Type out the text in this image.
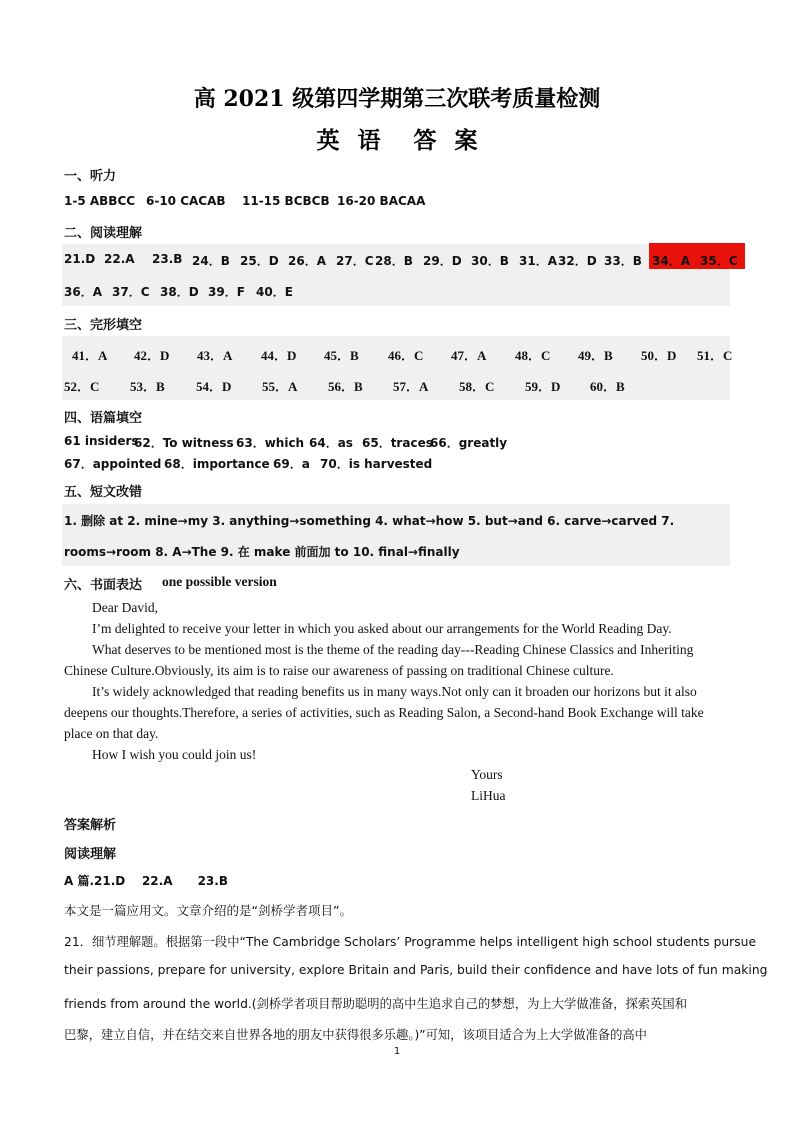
高 2021 级第四学期第三次联考质量检测
英 语 答 案
一、听力
1-5 ABBCC 6-10 CACAB 11-15 BCBCB 16-20 BACAA
二、阅读理解
21.D 22.A 23.B 24．B 25．D 26．A 27．C 28．B 29．D 30．B 31．A 32．D 33．B 34．A 35．C
36．A 37．C 38．D 39．F 40．E
三、完形填空
41．A 42．D 43．A 44．D 45．B 46．C 47．A 48．C 49．B 50．D 51．C
52．C 53．B 54．D 55．A 56．B 57．A 58．C 59．D 60．B
四、语篇填空
61 insiders
62．To witness 63．which 64．as 65．traces
66．greatly
67．appointed 68．importance 69．a 70．is harvested
五、短文改错
1. 删除 at 2. mine→my 3. anything→something 4. what→how 5. but→and 6. carve→carved 7.
rooms→room 8. A→The 9. 在 make 前面加 to 10. final→finally
六、书面表达 one possible version
Dear David,
I’m delighted to receive your letter in which you asked about our arrangements for the World Reading Day.
What deserves to be mentioned most is the theme of the reading day---Reading Chinese Classics and Inheriting
Chinese Culture.Obviously, its aim is to raise our awareness of passing on traditional Chinese culture.
It’s widely acknowledged that reading benefits us in many ways.Not only can it broaden our horizons but it also
deepens our thoughts.Therefore, a series of activities, such as Reading Salon, a Second-hand Book Exchange will take
place on that day.
How I wish you could join us!
Yours
LiHua
答案解析
阅读理解
A 篇.21.D    22.A      23.B
本文是一篇应用文。文章介绍的是“剑桥学者项目”。
21．细节理解题。根据第一段中“The Cambridge Scholars’ Programme helps intelligent high school students pursue
their passions, prepare for university, explore Britain and Paris, build their confidence and have lots of fun making
friends from around the world.(剑桥学者项目帮助聪明的高中生追求自己的梦想，为上大学做准备，探索英国和
巴黎，建立自信，并在结交来自世界各地的朋友中获得很多乐趣。)”可知，该项目适合为上大学做准备的高中
1
